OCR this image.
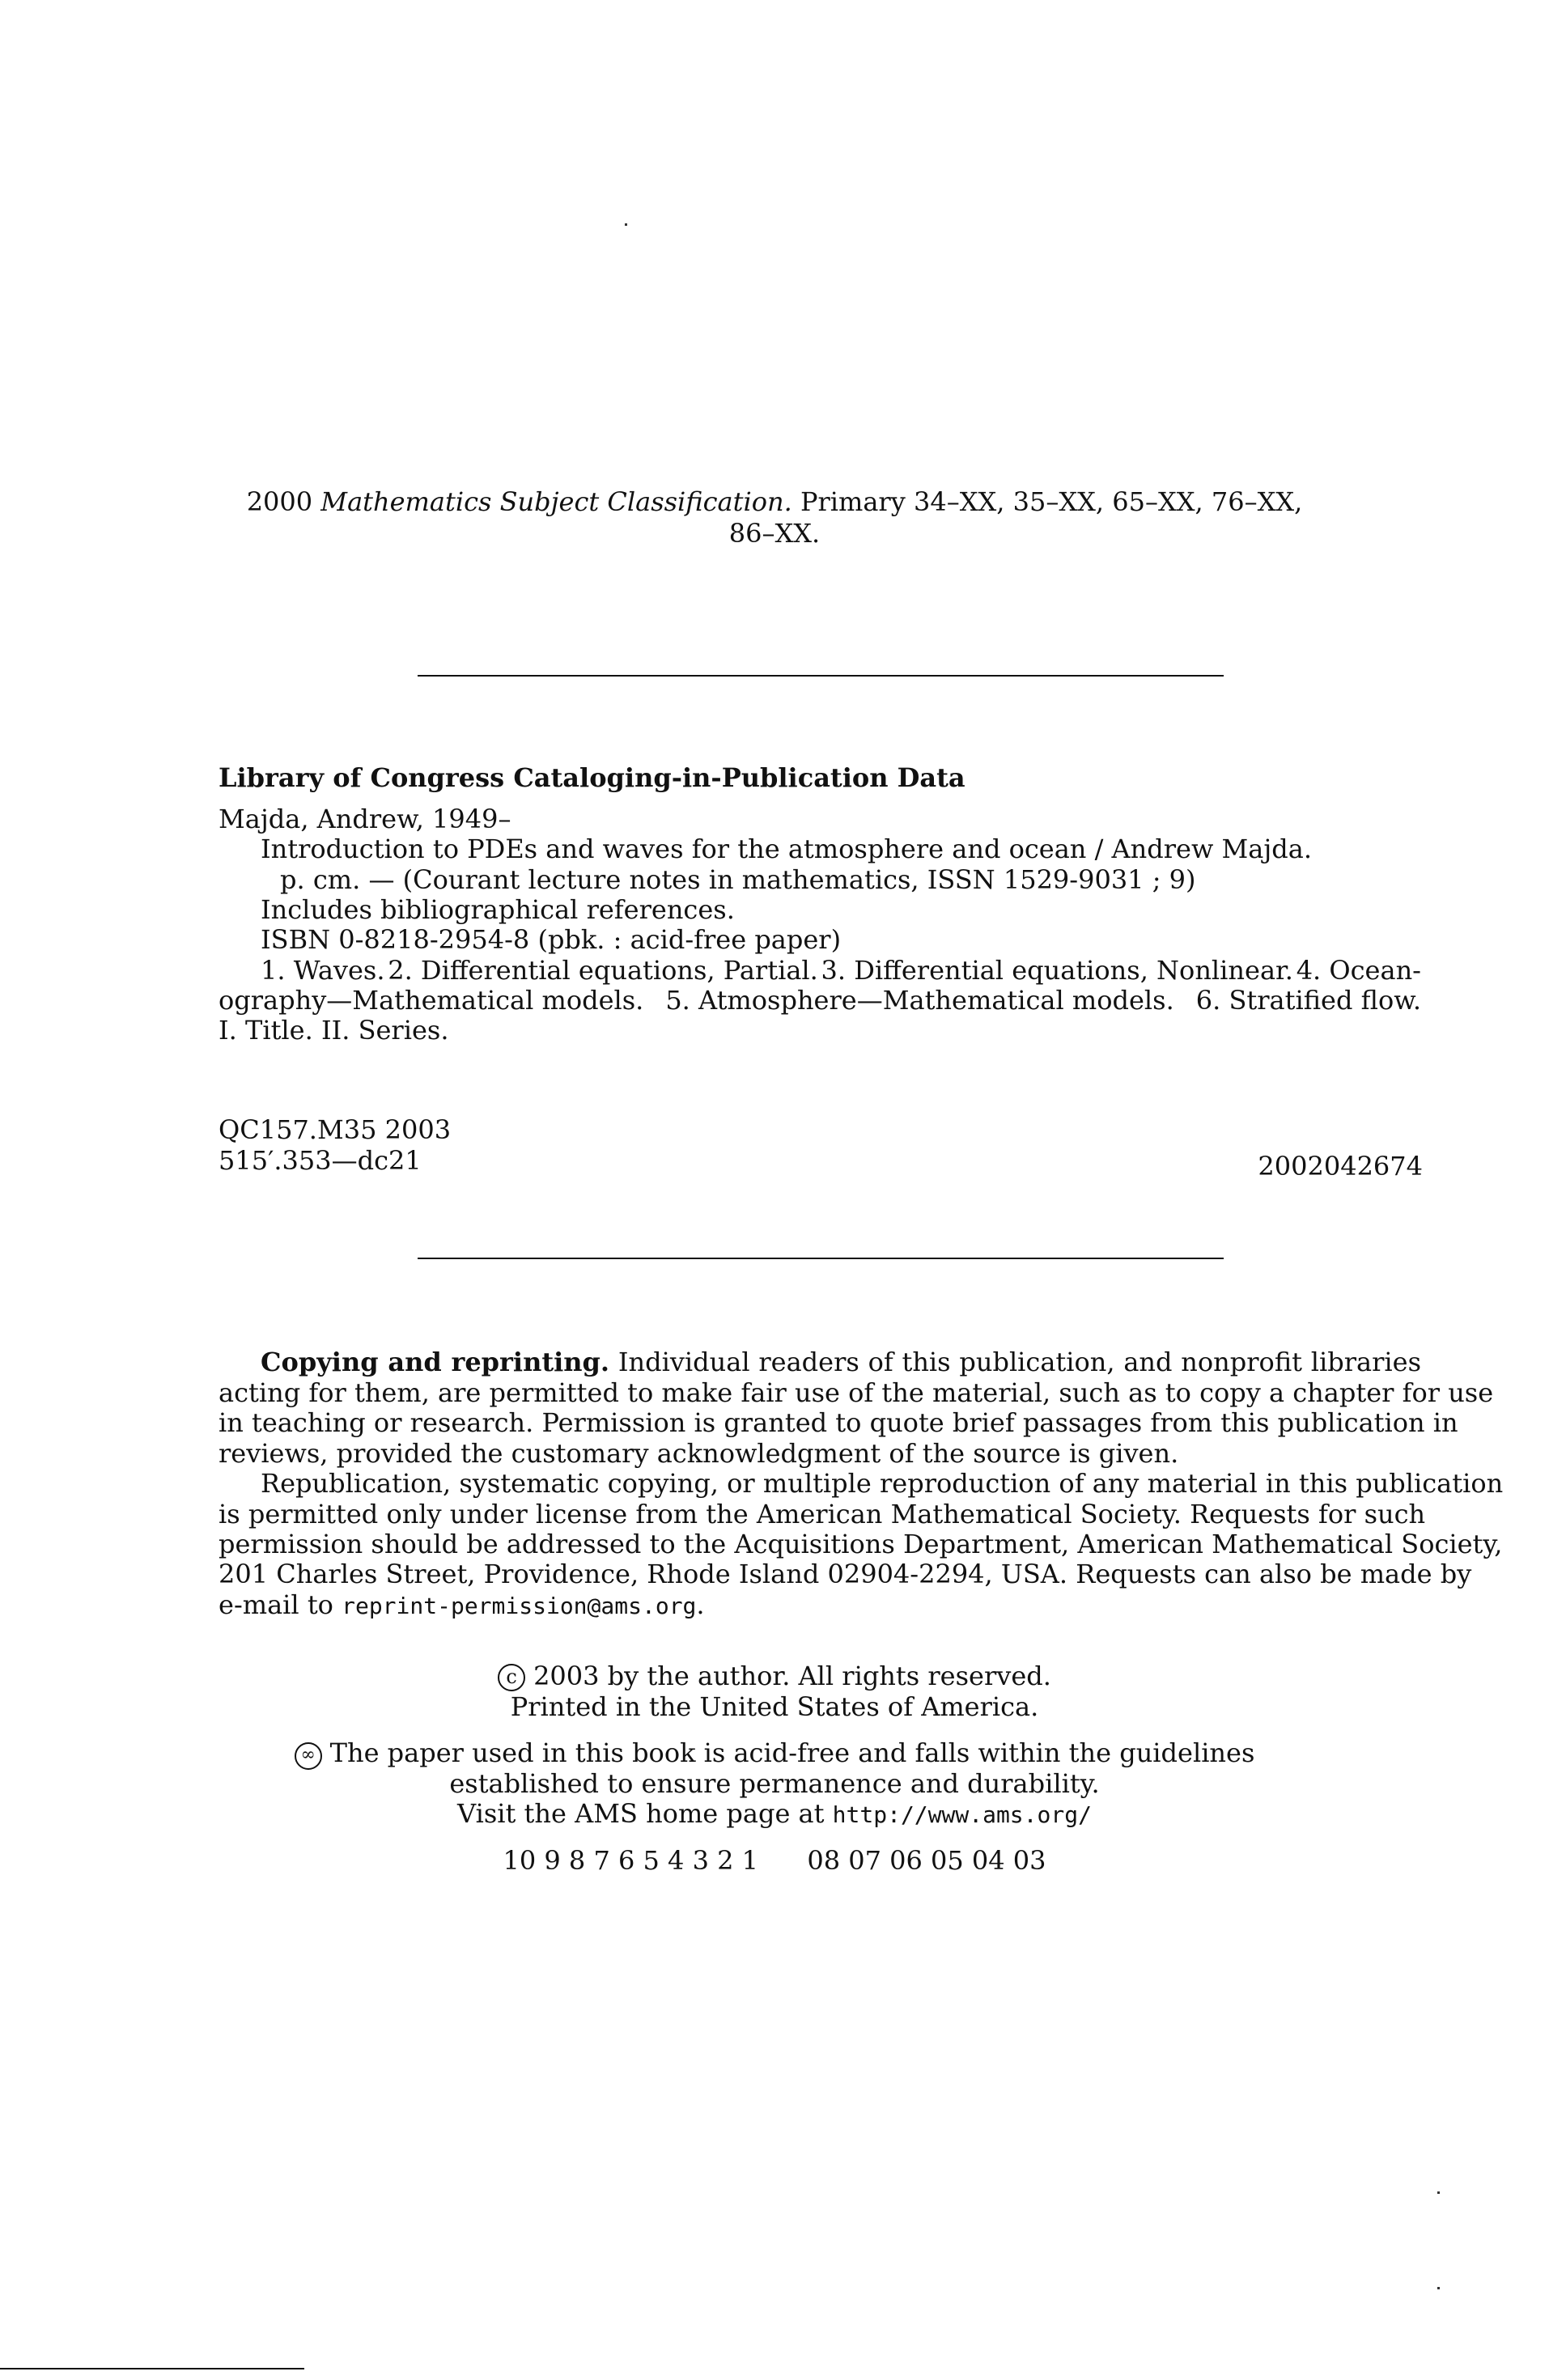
2000 Mathematics Subject Classification. Primary 34–XX, 35–XX, 65–XX, 76–XX,
86–XX.
Library of Congress Cataloging-in-Publication Data
Majda, Andrew, 1949–
Introduction to PDEs and waves for the atmosphere and ocean / Andrew Majda.
p. cm. — (Courant lecture notes in mathematics, ISSN 1529-9031 ; 9)
Includes bibliographical references.
ISBN 0-8218-2954-8 (pbk. : acid-free paper)
1. Waves. 2. Differential equations, Partial. 3. Differential equations, Nonlinear. 4. Ocean-
ography—Mathematical models. 5. Atmosphere—Mathematical models. 6. Stratified flow.
I. Title. II. Series.
QC157.M35 2003
515′.353—dc21	2002042674
Copying and reprinting. Individual readers of this publication, and nonprofit libraries
acting for them, are permitted to make fair use of the material, such as to copy a chapter for use
in teaching or research. Permission is granted to quote brief passages from this publication in
reviews, provided the customary acknowledgment of the source is given.
Republication, systematic copying, or multiple reproduction of any material in this publication
is permitted only under license from the American Mathematical Society. Requests for such
permission should be addressed to the Acquisitions Department, American Mathematical Society,
201 Charles Street, Providence, Rhode Island 02904-2294, USA. Requests can also be made by
e-mail to reprint-permission@ams.org.
c 2003 by the author. All rights reserved.
Printed in the United States of America.
∞ The paper used in this book is acid-free and falls within the guidelines
established to ensure permanence and durability.
Visit the AMS home page at http://www.ams.org/
10 9 8 7 6 5 4 3 2 1 08 07 06 05 04 03
